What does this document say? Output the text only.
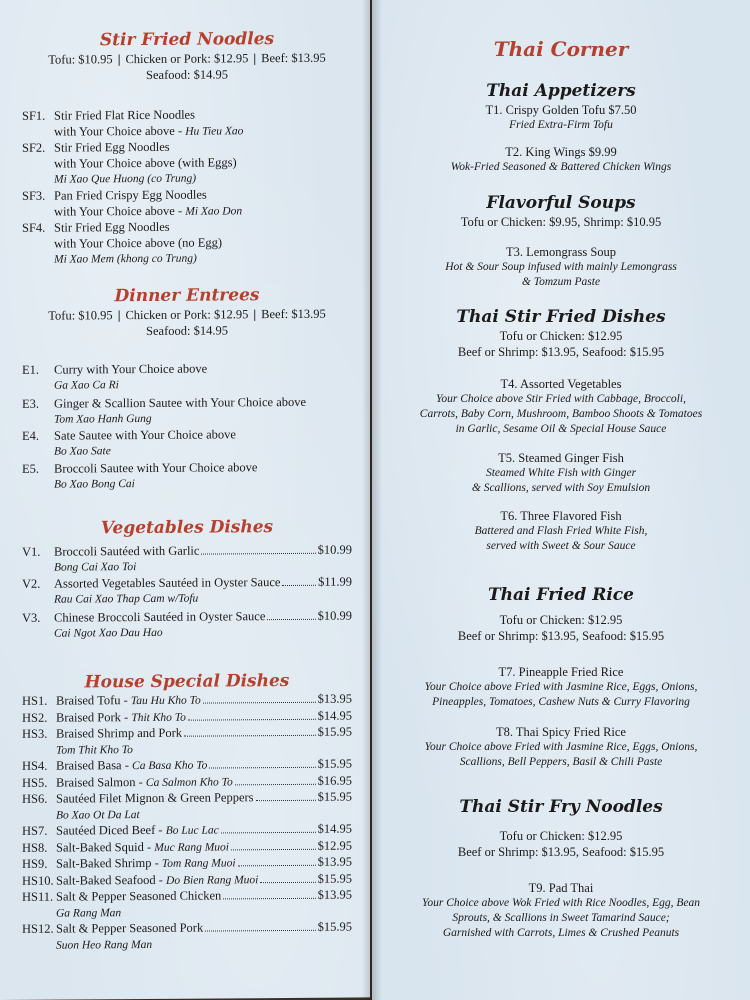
Stir Fried Noodles

Tofu: $10.95 | Chicken or Pork: $12.95 | Beef: $13.95

Seafood: $14.95

SF1. Stir Fried Flat Rice Noodles
with Your Choice above - Hu Tieu Xao
SF2. Stir Fried Egg Noodles
with Your Choice above (with Eggs)
Mi Xao Que Huong (co Trung)
SF3. Pan Fried Crispy Egg Noodles
with Your Choice above - Mi Xao Don
SF4. Stir Fried Egg Noodles
with Your Choice above (no Egg)
Mi Xao Mem (khong co Trung)
Dinner Entrees

Tofu: $10.95 | Chicken or Pork: $12.95 | Beef: $13.95

Seafood: $14.95

E1. Curry with Your Choice above
Ga Xao Ca Ri
E3. Ginger & Scallion Sautee with Your Choice above
Tom Xao Hanh Gung
E4. Sate Sautee with Your Choice above
Bo Xao Sate
E5. Broccoli Sautee with Your Choice above
Bo Xao Bong Cai
Vegetables Dishes
V1. Broccoli Sautéed with Garlic	$10.99
Bong Cai Xao Toi
V2. Assorted Vegetables Sautéed in Oyster Sauce	$11.99
Rau Cai Xao Thap Cam w/Tofu
V3. Chinese Broccoli Sautéed in Oyster Sauce	$10.99
Cai Ngot Xao Dau Hao
House Special Dishes
HS1. Braised Tofu - Tau Hu Kho To	$13.95
HS2. Braised Pork - Thit Kho To	$14.95
HS3. Braised Shrimp and Pork	$15.95
Tom Thit Kho To
HS4. Braised Basa - Ca Basa Kho To	$15.95
HS5. Braised Salmon - Ca Salmon Kho To	$16.95
HS6. Sautéed Filet Mignon & Green Peppers	$15.95
Bo Xao Ot Da Lat
HS7. Sautéed Diced Beef - Bo Luc Lac	$14.95
HS8. Salt-Baked Squid - Muc Rang Muoi	$12.95
HS9. Salt-Baked Shrimp - Tom Rang Muoi	$13.95
HS10. Salt-Baked Seafood - Do Bien Rang Muoi	$15.95
HS11. Salt & Pepper Seasoned Chicken	$13.95
Ga Rang Man
HS12. Salt & Pepper Seasoned Pork	$15.95
Suon Heo Rang Man
Thai Corner
Thai Appetizers
T1. Crispy Golden Tofu $7.50
Fried Extra-Firm Tofu
T2. King Wings $9.99
Wok-Fried Seasoned & Battered Chicken Wings
Flavorful Soups

Tofu or Chicken: $9.95, Shrimp: $10.95

T3. Lemongrass Soup
Hot & Sour Soup infused with mainly Lemongrass
& Tomzum Paste
Thai Stir Fried Dishes

Tofu or Chicken: $12.95

Beef or Shrimp: $13.95, Seafood: $15.95

T4. Assorted Vegetables
Your Choice above Stir Fried with Cabbage, Broccoli,
Carrots, Baby Corn, Mushroom, Bamboo Shoots & Tomatoes
in Garlic, Sesame Oil & Special House Sauce
T5. Steamed Ginger Fish
Steamed White Fish with Ginger
& Scallions, served with Soy Emulsion
T6. Three Flavored Fish
Battered and Flash Fried White Fish,
served with Sweet & Sour Sauce
Thai Fried Rice

Tofu or Chicken: $12.95

Beef or Shrimp: $13.95, Seafood: $15.95

T7. Pineapple Fried Rice
Your Choice above Fried with Jasmine Rice, Eggs, Onions,
Pineapples, Tomatoes, Cashew Nuts & Curry Flavoring
T8. Thai Spicy Fried Rice
Your Choice above Fried with Jasmine Rice, Eggs, Onions,
Scallions, Bell Peppers, Basil & Chili Paste
Thai Stir Fry Noodles

Tofu or Chicken: $12.95

Beef or Shrimp: $13.95, Seafood: $15.95

T9. Pad Thai
Your Choice above Wok Fried with Rice Noodles, Egg, Bean
Sprouts, & Scallions in Sweet Tamarind Sauce;
Garnished with Carrots, Limes & Crushed Peanuts
